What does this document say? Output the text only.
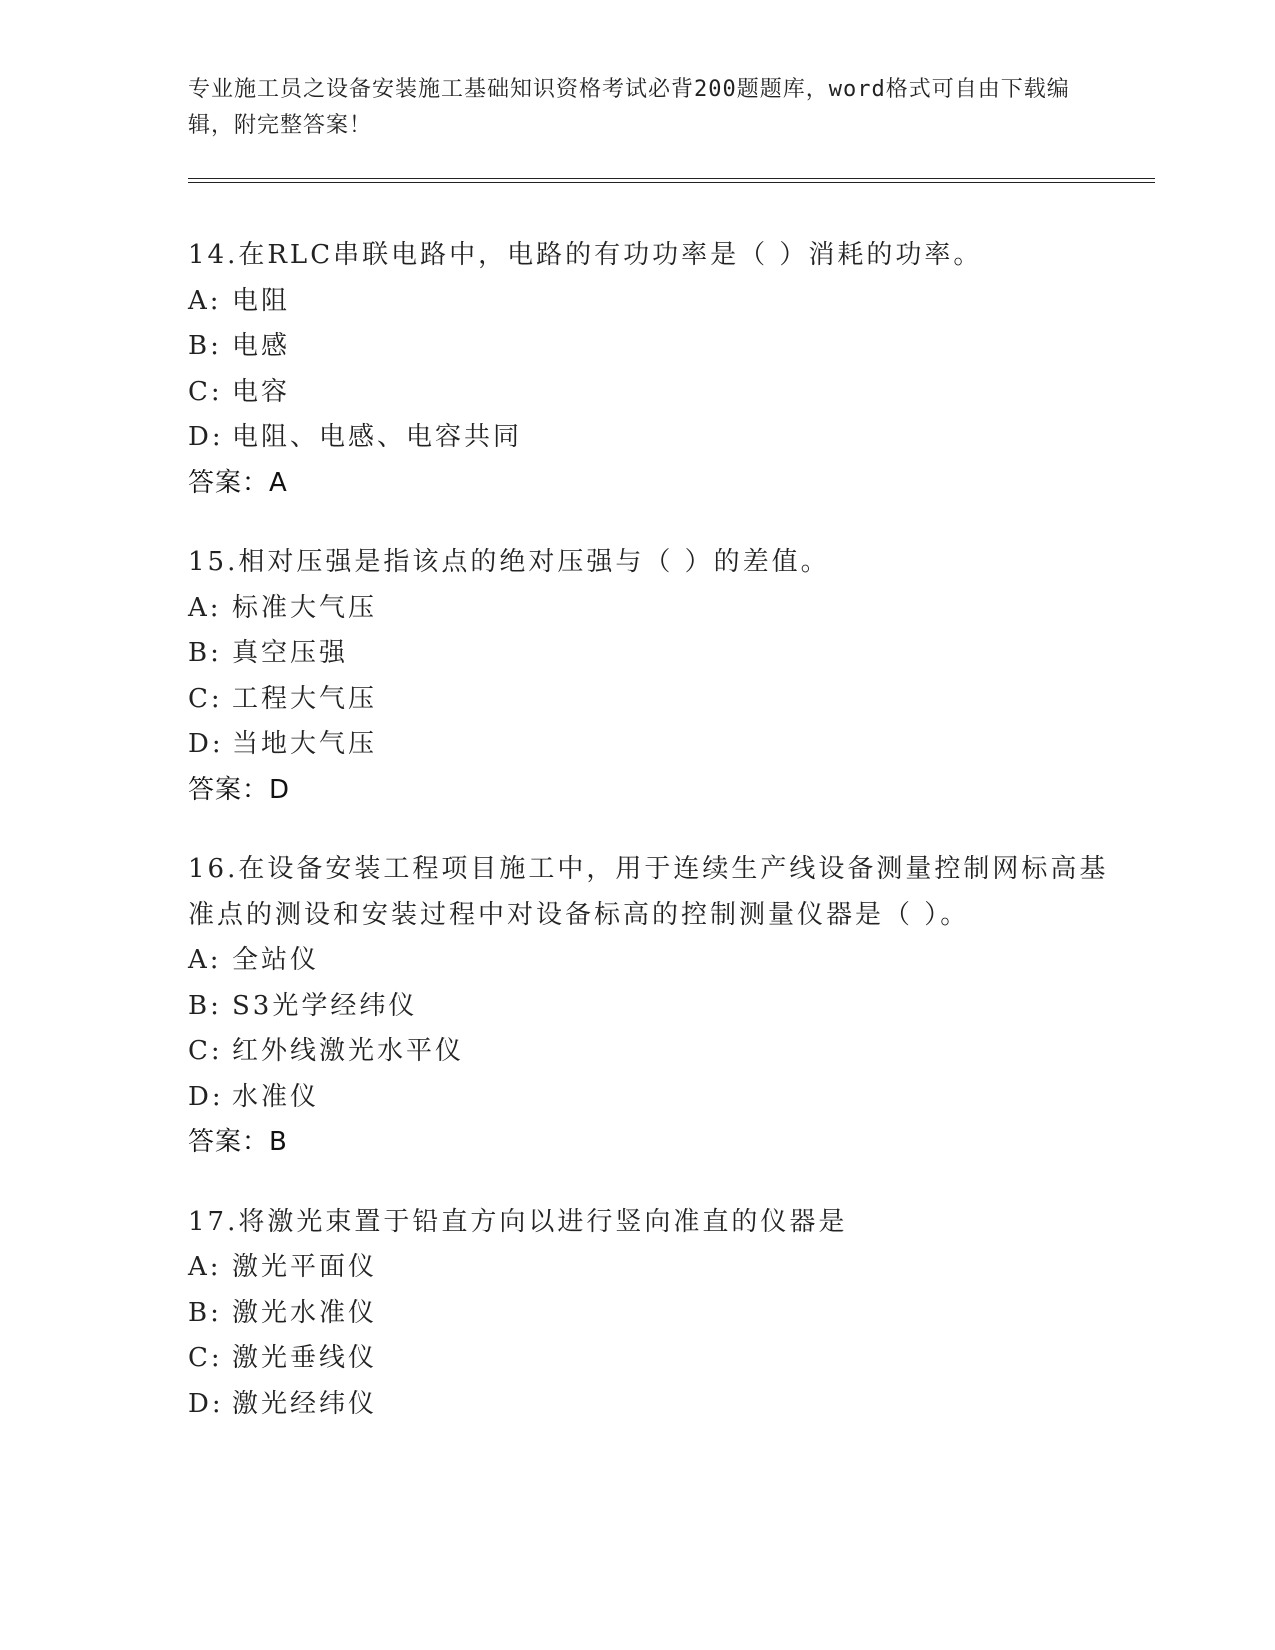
专业施工员之设备安装施工基础知识资格考试必背200题题库，word格式可自由下载编辑，附完整答案！

14.在RLC串联电路中，电路的有功功率是（ ）消耗的功率。

A: 电阻
B: 电感
C: 电容
D: 电阻、电感、电容共同

答案：A

15.相对压强是指该点的绝对压强与（ ）的差值。

A: 标准大气压
B: 真空压强
C: 工程大气压
D: 当地大气压

答案：D

16.在设备安装工程项目施工中，用于连续生产线设备测量控制网标高基准点的测设和安装过程中对设备标高的控制测量仪器是（ ）。

A: 全站仪
B: S3光学经纬仪
C: 红外线激光水平仪
D: 水准仪

答案：B

17.将激光束置于铅直方向以进行竖向准直的仪器是

A: 激光平面仪
B: 激光水准仪
C: 激光垂线仪
D: 激光经纬仪
